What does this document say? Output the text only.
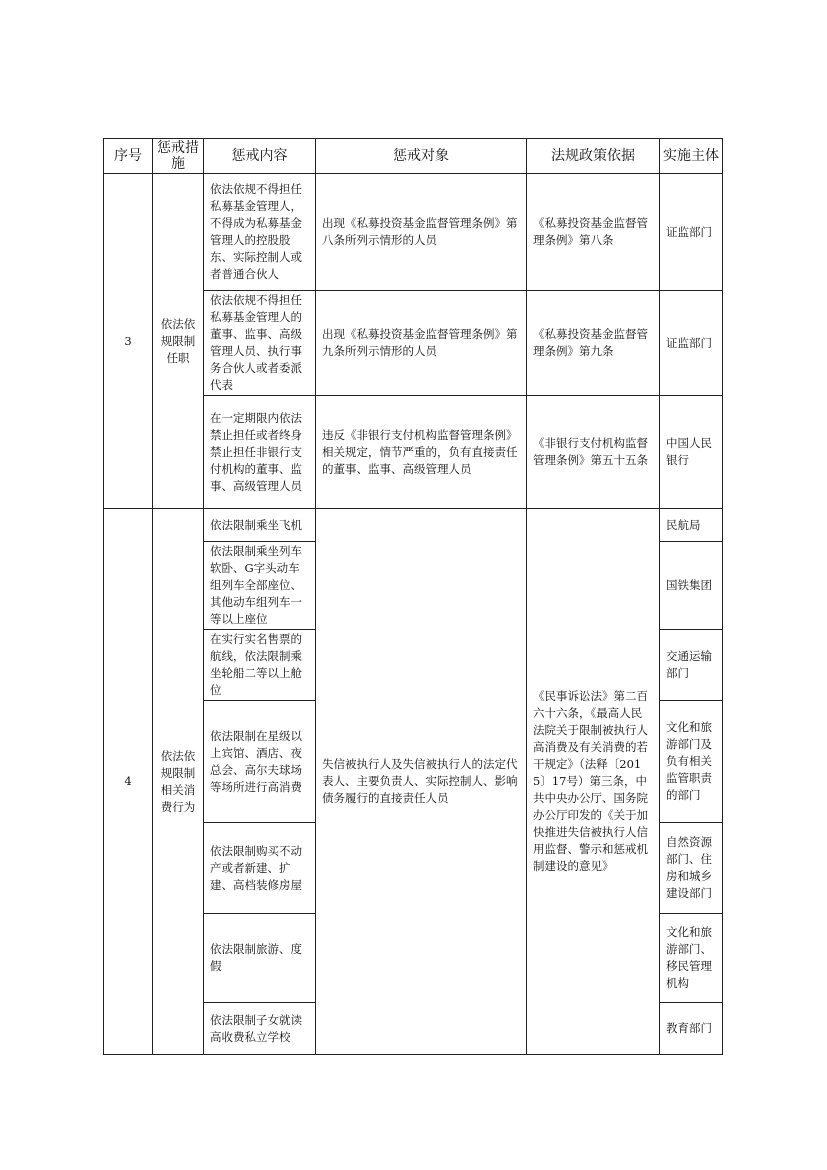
序号	惩戒措施	惩戒内容	惩戒对象	法规政策依据	实施主体
3	依法依规限制任职	依法依规不得担任私募基金管理人，不得成为私募基金管理人的控股股东、实际控制人或者普通合伙人	出现《私募投资基金监督管理条例》第八条所列示情形的人员	《私募投资基金监督管理条例》第八条	证监部门
		依法依规不得担任私募基金管理人的董事、监事、高级管理人员、执行事务合伙人或者委派代表	出现《私募投资基金监督管理条例》第九条所列示情形的人员	《私募投资基金监督管理条例》第九条	证监部门
		在一定期限内依法禁止担任或者终身禁止担任非银行支付机构的董事、监事、高级管理人员	违反《非银行支付机构监督管理条例》相关规定，情节严重的，负有直接责任的董事、监事、高级管理人员	《非银行支付机构监督管理条例》第五十五条	中国人民银行
4	依法依规限制相关消费行为	依法限制乘坐飞机	失信被执行人及失信被执行人的法定代表人、主要负责人、实际控制人、影响债务履行的直接责任人员	《民事诉讼法》第二百六十六条，《最高人民法院关于限制被执行人高消费及有关消费的若干规定》（法释〔2015〕17号）第三条，中共中央办公厅、国务院办公厅印发的《关于加快推进失信被执行人信用监督、警示和惩戒机制建设的意见》	民航局
		依法限制乘坐列车软卧、G字头动车组列车全部座位、其他动车组列车一等以上座位			国铁集团
		在实行实名售票的航线，依法限制乘坐轮船二等以上舱位			交通运输部门
		依法限制在星级以上宾馆、酒店、夜总会、高尔夫球场等场所进行高消费			文化和旅游部门及负有相关监管职责的部门
		依法限制购买不动产或者新建、扩建、高档装修房屋			自然资源部门、住房和城乡建设部门
		依法限制旅游、度假			文化和旅游部门、移民管理机构
		依法限制子女就读高收费私立学校			教育部门
